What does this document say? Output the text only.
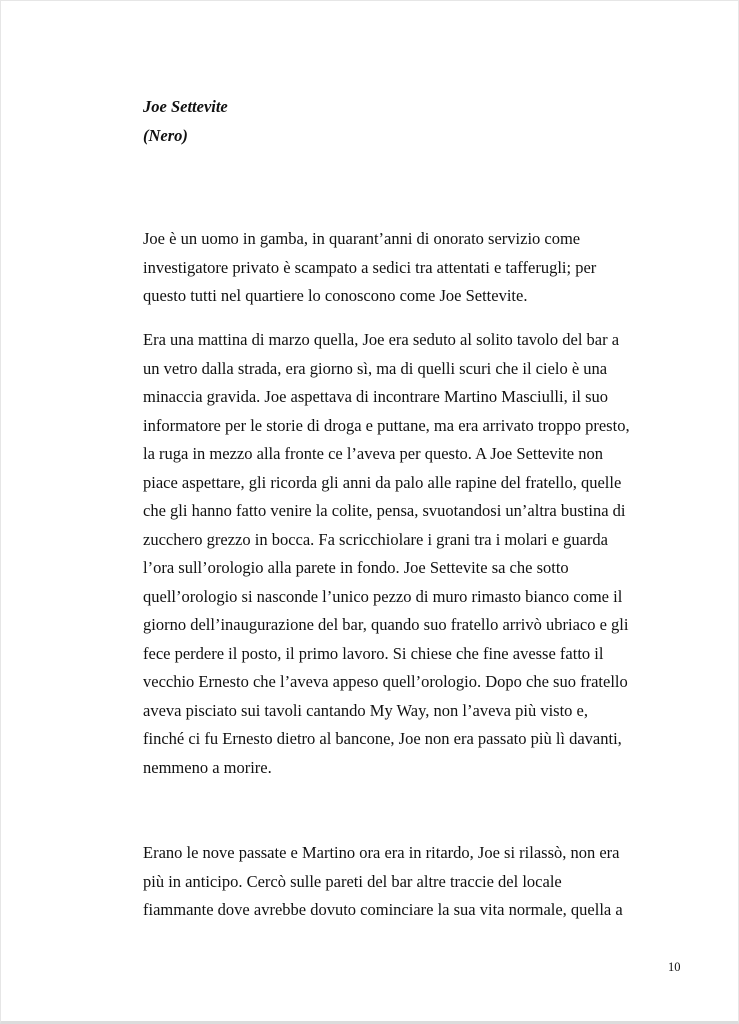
Joe Settevite

(Nero)

Joe è un uomo in gamba, in quarant’anni di onorato servizio come
investigatore privato è scampato a sedici tra attentati e tafferugli; per
questo tutti nel quartiere lo conoscono come Joe Settevite.
Era una mattina di marzo quella, Joe era seduto al solito tavolo del bar a
un vetro dalla strada, era giorno sì, ma di quelli scuri che il cielo è una
minaccia gravida. Joe aspettava di incontrare Martino Masciulli, il suo
informatore per le storie di droga e puttane, ma era arrivato troppo presto,
la ruga in mezzo alla fronte ce l’aveva per questo. A Joe Settevite non
piace aspettare, gli ricorda gli anni da palo alle rapine del fratello, quelle
che gli hanno fatto venire la colite, pensa, svuotandosi un’altra bustina di
zucchero grezzo in bocca. Fa scricchiolare i grani tra i molari e guarda
l’ora sull’orologio alla parete in fondo. Joe Settevite sa che sotto
quell’orologio si nasconde l’unico pezzo di muro rimasto bianco come il
giorno dell’inaugurazione del bar, quando suo fratello arrivò ubriaco e gli
fece perdere il posto, il primo lavoro. Si chiese che fine avesse fatto il
vecchio Ernesto che l’aveva appeso quell’orologio. Dopo che suo fratello
aveva pisciato sui tavoli cantando My Way, non l’aveva più visto e,
finché ci fu Ernesto dietro al bancone, Joe non era passato più lì davanti,
nemmeno a morire.
Erano le nove passate e Martino ora era in ritardo, Joe si rilassò, non era
più in anticipo. Cercò sulle pareti del bar altre traccie del locale
fiammante dove avrebbe dovuto cominciare la sua vita normale, quella a
10
